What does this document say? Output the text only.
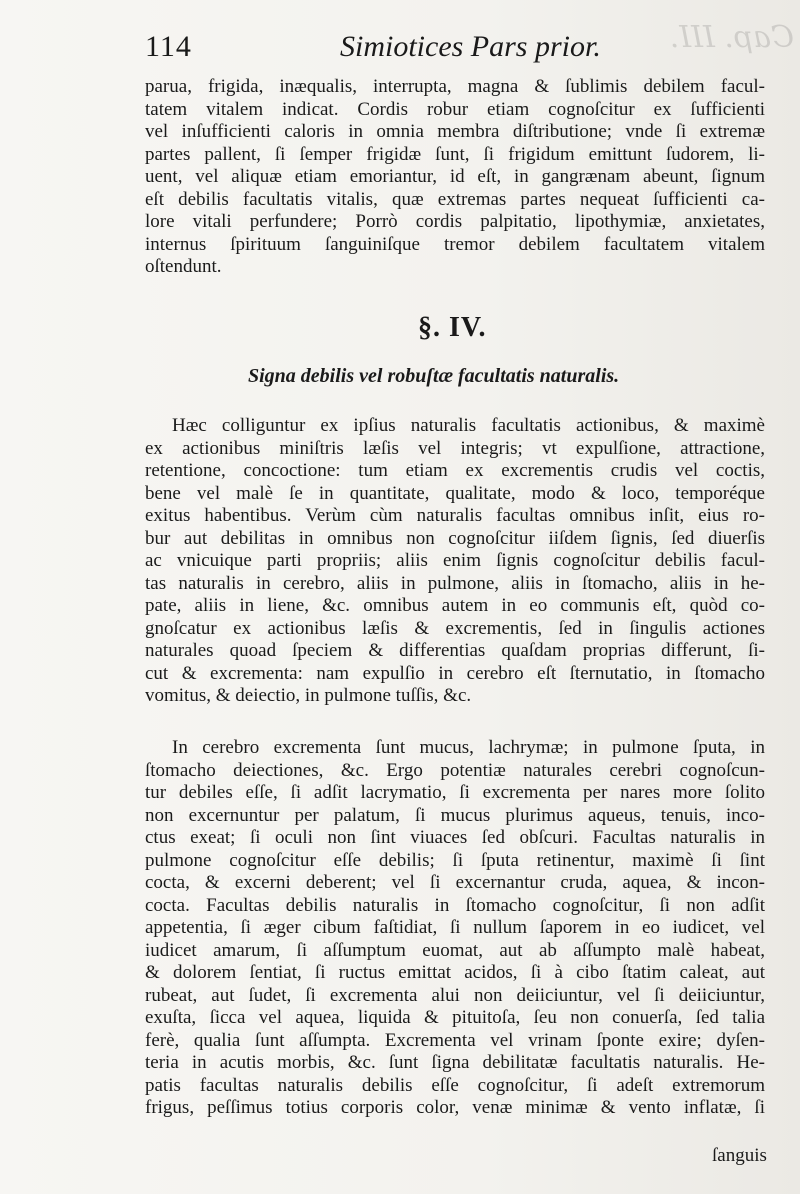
Cap. III.
114	Simiotices Pars prior.
parua, frigida, inæqualis, interrupta, magna & ſublimis debilem facul-
tatem vitalem indicat. Cordis robur etiam cognoſcitur ex ſufficienti
vel inſufficienti caloris in omnia membra diſtributione; vnde ſi extremæ
partes pallent, ſi ſemper frigidæ ſunt, ſi frigidum emittunt ſudorem, li-
uent, vel aliquæ etiam emoriantur, id eſt, in gangrænam abeunt, ſignum
eſt debilis facultatis vitalis, quæ extremas partes nequeat ſufficienti ca-
lore vitali perfundere; Porrò cordis palpitatio, lipothymiæ, anxietates,
internus ſpirituum ſanguiniſque tremor debilem facultatem vitalem
oſtendunt.
§. IV.
Signa debilis vel robuſtæ facultatis naturalis.
Hæc colliguntur ex ipſius naturalis facultatis actionibus, & maximè
ex actionibus miniſtris læſis vel integris; vt expulſione, attractione,
retentione, concoctione: tum etiam ex excrementis crudis vel coctis,
bene vel malè ſe in quantitate, qualitate, modo & loco, temporéque
exitus habentibus. Verùm cùm naturalis facultas omnibus inſit, eius ro-
bur aut debilitas in omnibus non cognoſcitur iiſdem ſignis, ſed diuerſis
ac vnicuique parti propriis; aliis enim ſignis cognoſcitur debilis facul-
tas naturalis in cerebro, aliis in pulmone, aliis in ſtomacho, aliis in he-
pate, aliis in liene, &c. omnibus autem in eo communis eſt, quòd co-
gnoſcatur ex actionibus læſis & excrementis, ſed in ſingulis actiones
naturales quoad ſpeciem & differentias quaſdam proprias differunt, ſi-
cut & excrementa: nam expulſio in cerebro eſt ſternutatio, in ſtomacho
vomitus, & deiectio, in pulmone tuſſis, &c.
In cerebro excrementa ſunt mucus, lachrymæ; in pulmone ſputa, in
ſtomacho deiectiones, &c. Ergo potentiæ naturales cerebri cognoſcun-
tur debiles eſſe, ſi adſit lacrymatio, ſi excrementa per nares more ſolito
non excernuntur per palatum, ſi mucus plurimus aqueus, tenuis, inco-
ctus exeat; ſi oculi non ſint viuaces ſed obſcuri. Facultas naturalis in
pulmone cognoſcitur eſſe debilis; ſi ſputa retinentur, maximè ſi ſint
cocta, & excerni deberent; vel ſi excernantur cruda, aquea, & incon-
cocta. Facultas debilis naturalis in ſtomacho cognoſcitur, ſi non adſit
appetentia, ſi æger cibum faſtidiat, ſi nullum ſaporem in eo iudicet, vel
iudicet amarum, ſi aſſumptum euomat, aut ab aſſumpto malè habeat,
& dolorem ſentiat, ſi ructus emittat acidos, ſi à cibo ſtatim caleat, aut
rubeat, aut ſudet, ſi excrementa alui non deiiciuntur, vel ſi deiiciuntur,
exuſta, ſicca vel aquea, liquida & pituitoſa, ſeu non conuerſa, ſed talia
ferè, qualia ſunt aſſumpta. Excrementa vel vrinam ſponte exire; dyſen-
teria in acutis morbis, &c. ſunt ſigna debilitatæ facultatis naturalis. He-
patis facultas naturalis debilis eſſe cognoſcitur, ſi adeſt extremorum
frigus, peſſimus totius corporis color, venæ minimæ & vento inflatæ, ſi
ſanguis
